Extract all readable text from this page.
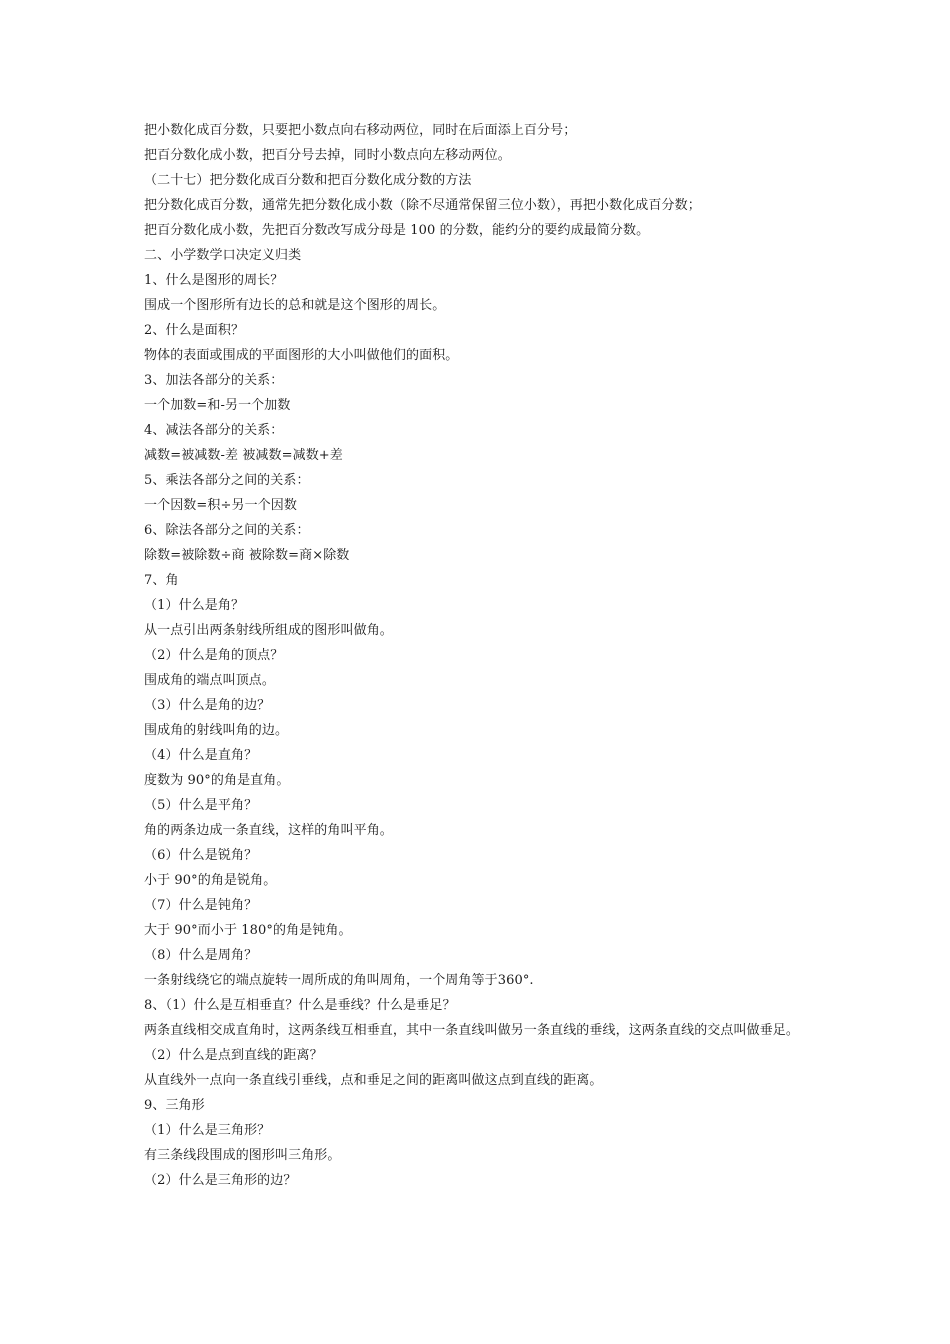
把小数化成百分数，只要把小数点向右移动两位，同时在后面添上百分号；
把百分数化成小数，把百分号去掉，同时小数点向左移动两位。
（二十七）把分数化成百分数和把百分数化成分数的方法
把分数化成百分数，通常先把分数化成小数（除不尽通常保留三位小数），再把小数化成百分数；
把百分数化成小数，先把百分数改写成分母是 100 的分数，能约分的要约成最简分数。
二、小学数学口决定义归类
1、什么是图形的周长？
围成一个图形所有边长的总和就是这个图形的周长。
2、什么是面积？
物体的表面或围成的平面图形的大小叫做他们的面积。
3、加法各部分的关系：
一个加数=和-另一个加数
4、减法各部分的关系：
减数=被减数-差 被减数=减数+差
5、乘法各部分之间的关系：
一个因数=积÷另一个因数
6、除法各部分之间的关系：
除数=被除数÷商 被除数=商×除数
7、角
（1）什么是角？
从一点引出两条射线所组成的图形叫做角。
（2）什么是角的顶点？
围成角的端点叫顶点。
（3）什么是角的边？
围成角的射线叫角的边。
（4）什么是直角？
度数为 90°的角是直角。
（5）什么是平角？
角的两条边成一条直线，这样的角叫平角。
（6）什么是锐角？
小于 90°的角是锐角。
（7）什么是钝角？
大于 90°而小于 180°的角是钝角。
（8）什么是周角？
一条射线绕它的端点旋转一周所成的角叫周角，一个周角等于360°.
8、（1）什么是互相垂直？什么是垂线？什么是垂足？
两条直线相交成直角时，这两条线互相垂直，其中一条直线叫做另一条直线的垂线，这两条直线的交点叫做垂足。
（2）什么是点到直线的距离？
从直线外一点向一条直线引垂线，点和垂足之间的距离叫做这点到直线的距离。
9、三角形
（1）什么是三角形？
有三条线段围成的图形叫三角形。
（2）什么是三角形的边？
